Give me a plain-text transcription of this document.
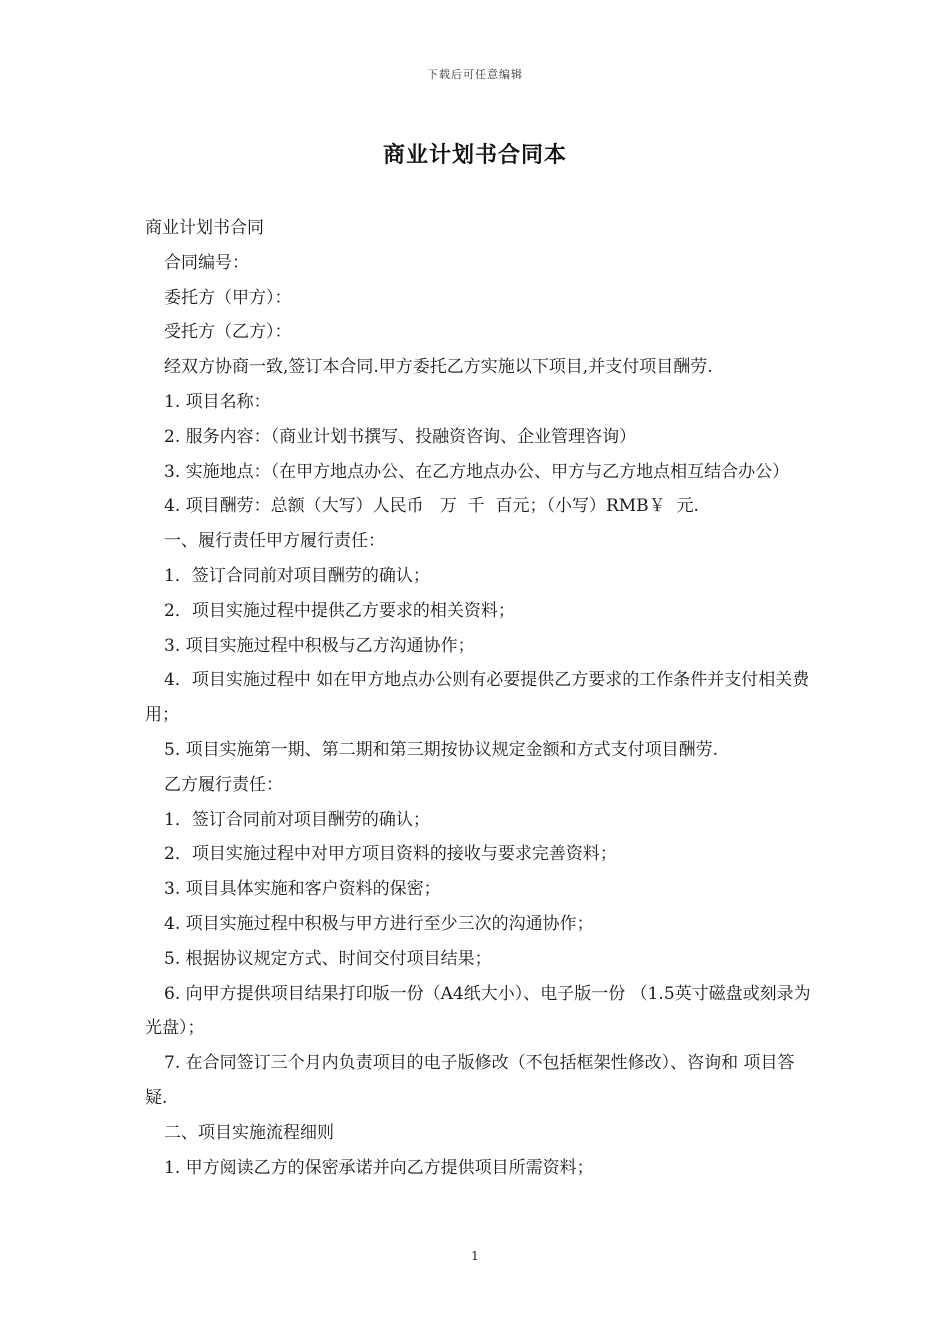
下载后可任意编辑
商业计划书合同本

商业计划书合同

合同编号：

委托方（甲方）：

受托方（乙方）：

经双方协商一致,签订本合同.甲方委托乙方实施以下项目,并支付项目酬劳.

1. 项目名称：

2. 服务内容：（商业计划书撰写、投融资咨询、企业管理咨询）

3. 实施地点：（在甲方地点办公、在乙方地点办公、甲方与乙方地点相互结合办公）

4. 项目酬劳：总额（大写）人民币   万  千  百元；（小写）RMB￥  元.

一、履行责任甲方履行责任：

1．签订合同前对项目酬劳的确认；

2．项目实施过程中提供乙方要求的相关资料；

3. 项目实施过程中积极与乙方沟通协作；

4．项目实施过程中 如在甲方地点办公则有必要提供乙方要求的工作条件并支付相关费用；

5. 项目实施第一期、第二期和第三期按协议规定金额和方式支付项目酬劳.

乙方履行责任：

1．签订合同前对项目酬劳的确认；

2．项目实施过程中对甲方项目资料的接收与要求完善资料；

3. 项目具体实施和客户资料的保密；

4. 项目实施过程中积极与甲方进行至少三次的沟通协作；

5. 根据协议规定方式、时间交付项目结果；

6. 向甲方提供项目结果打印版一份（A4纸大小）、电子版一份 （1.5英寸磁盘或刻录为光盘）；

7. 在合同签订三个月内负责项目的电子版修改（不包括框架性修改）、咨询和 项目答疑.

二、项目实施流程细则

1. 甲方阅读乙方的保密承诺并向乙方提供项目所需资料；

1
